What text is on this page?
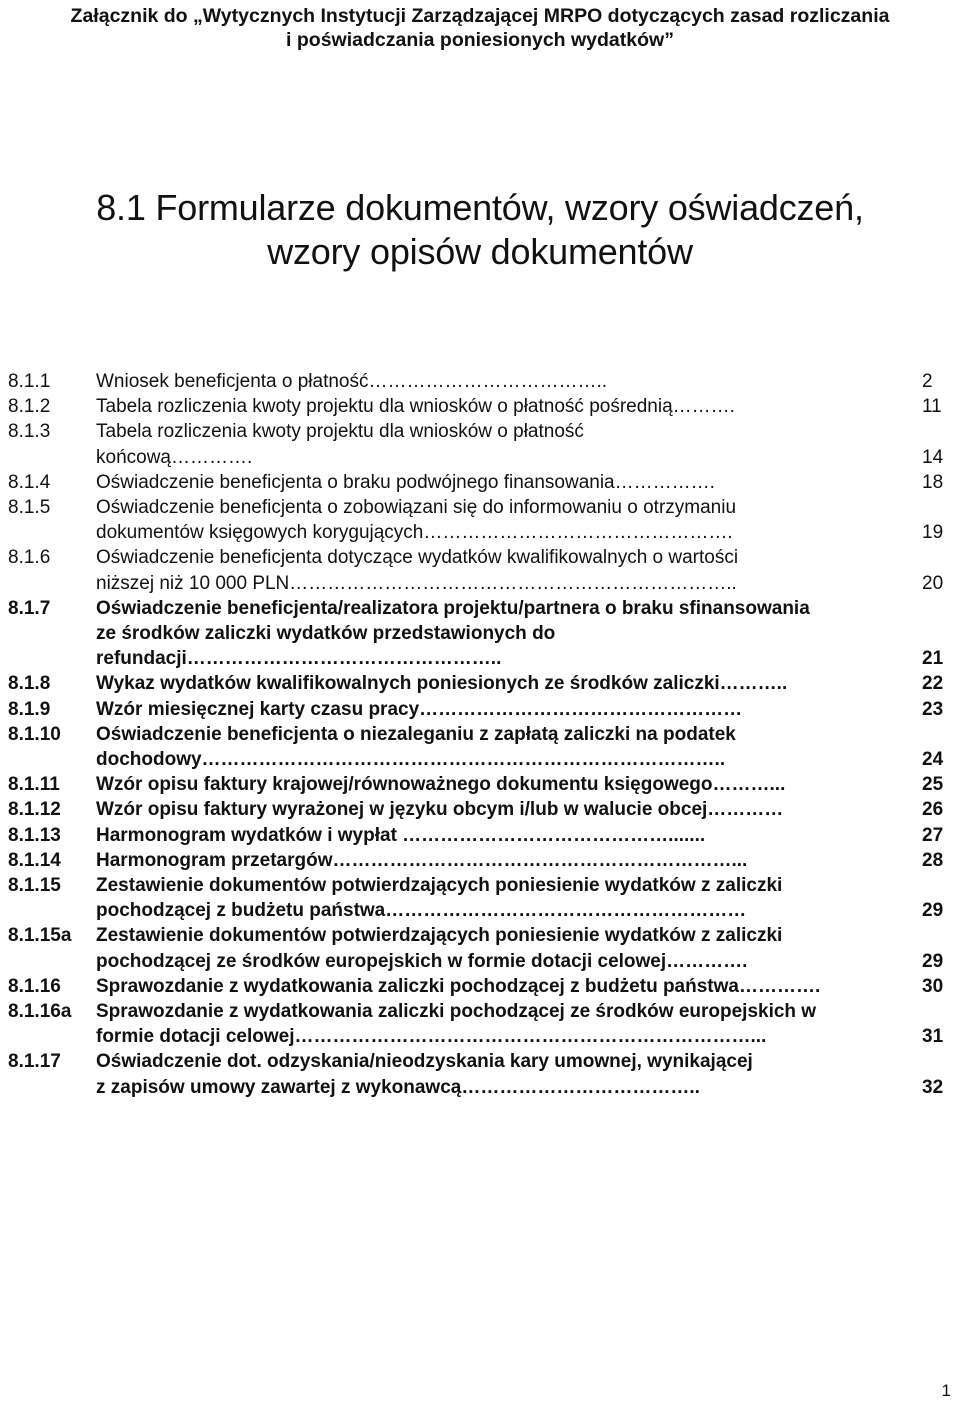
Załącznik do „Wytycznych Instytucji Zarządzającej MRPO dotyczących zasad rozliczania
i poświadczania poniesionych wydatków”
8.1 Formularze dokumentów, wzory oświadczeń,
wzory opisów dokumentów
8.1.1	Wniosek beneficjenta o płatność………………………………..	2
8.1.2	Tabela rozliczenia kwoty projektu dla wniosków o płatność pośrednią……….	11
8.1.3	Tabela rozliczenia kwoty projektu dla wniosków o płatność
końcową………….	14
8.1.4	Oświadczenie beneficjenta o braku podwójnego finansowania…………….	18
8.1.5	Oświadczenie beneficjenta o zobowiązani się do informowaniu o otrzymaniu
dokumentów księgowych korygujących………………………………………….	19
8.1.6	Oświadczenie beneficjenta dotyczące wydatków kwalifikowalnych o wartości
niższej niż 10 000 PLN……………………………………………………………..	20
8.1.7	Oświadczenie beneficjenta/realizatora projektu/partnera o braku sfinansowania
ze środków zaliczki wydatków przedstawionych do
refundacji…………………………………………..	21
8.1.8	Wykaz wydatków kwalifikowalnych poniesionych ze środków zaliczki………..	22
8.1.9	Wzór miesięcznej karty czasu pracy……………………………………………	23
8.1.10	Oświadczenie beneficjenta o niezaleganiu z zapłatą zaliczki na podatek
dochodowy………………………………………………………………………..	24
8.1.11	Wzór opisu faktury krajowej/równoważnego dokumentu księgowego………...	25
8.1.12	Wzór opisu faktury wyrażonej w języku obcym i/lub w walucie obcej…………	26
8.1.13	Harmonogram wydatków i wypłat …………………………………….......	27
8.1.14	Harmonogram przetargów………………………………………………………...	28
8.1.15	Zestawienie dokumentów potwierdzających poniesienie wydatków z zaliczki
pochodzącej z budżetu państwa…………………………………………………	29
8.1.15a	Zestawienie dokumentów potwierdzających poniesienie wydatków z zaliczki
pochodzącej ze środków europejskich w formie dotacji celowej………….	29
8.1.16	Sprawozdanie z wydatkowania zaliczki pochodzącej z budżetu państwa………….	30
8.1.16a	Sprawozdanie z wydatkowania zaliczki pochodzącej ze środków europejskich w
formie dotacji celowej………………………………………………………………...	31
8.1.17	Oświadczenie dot. odzyskania/nieodzyskania kary umownej, wynikającej
z zapisów umowy zawartej z wykonawcą………………………………..	32
1
